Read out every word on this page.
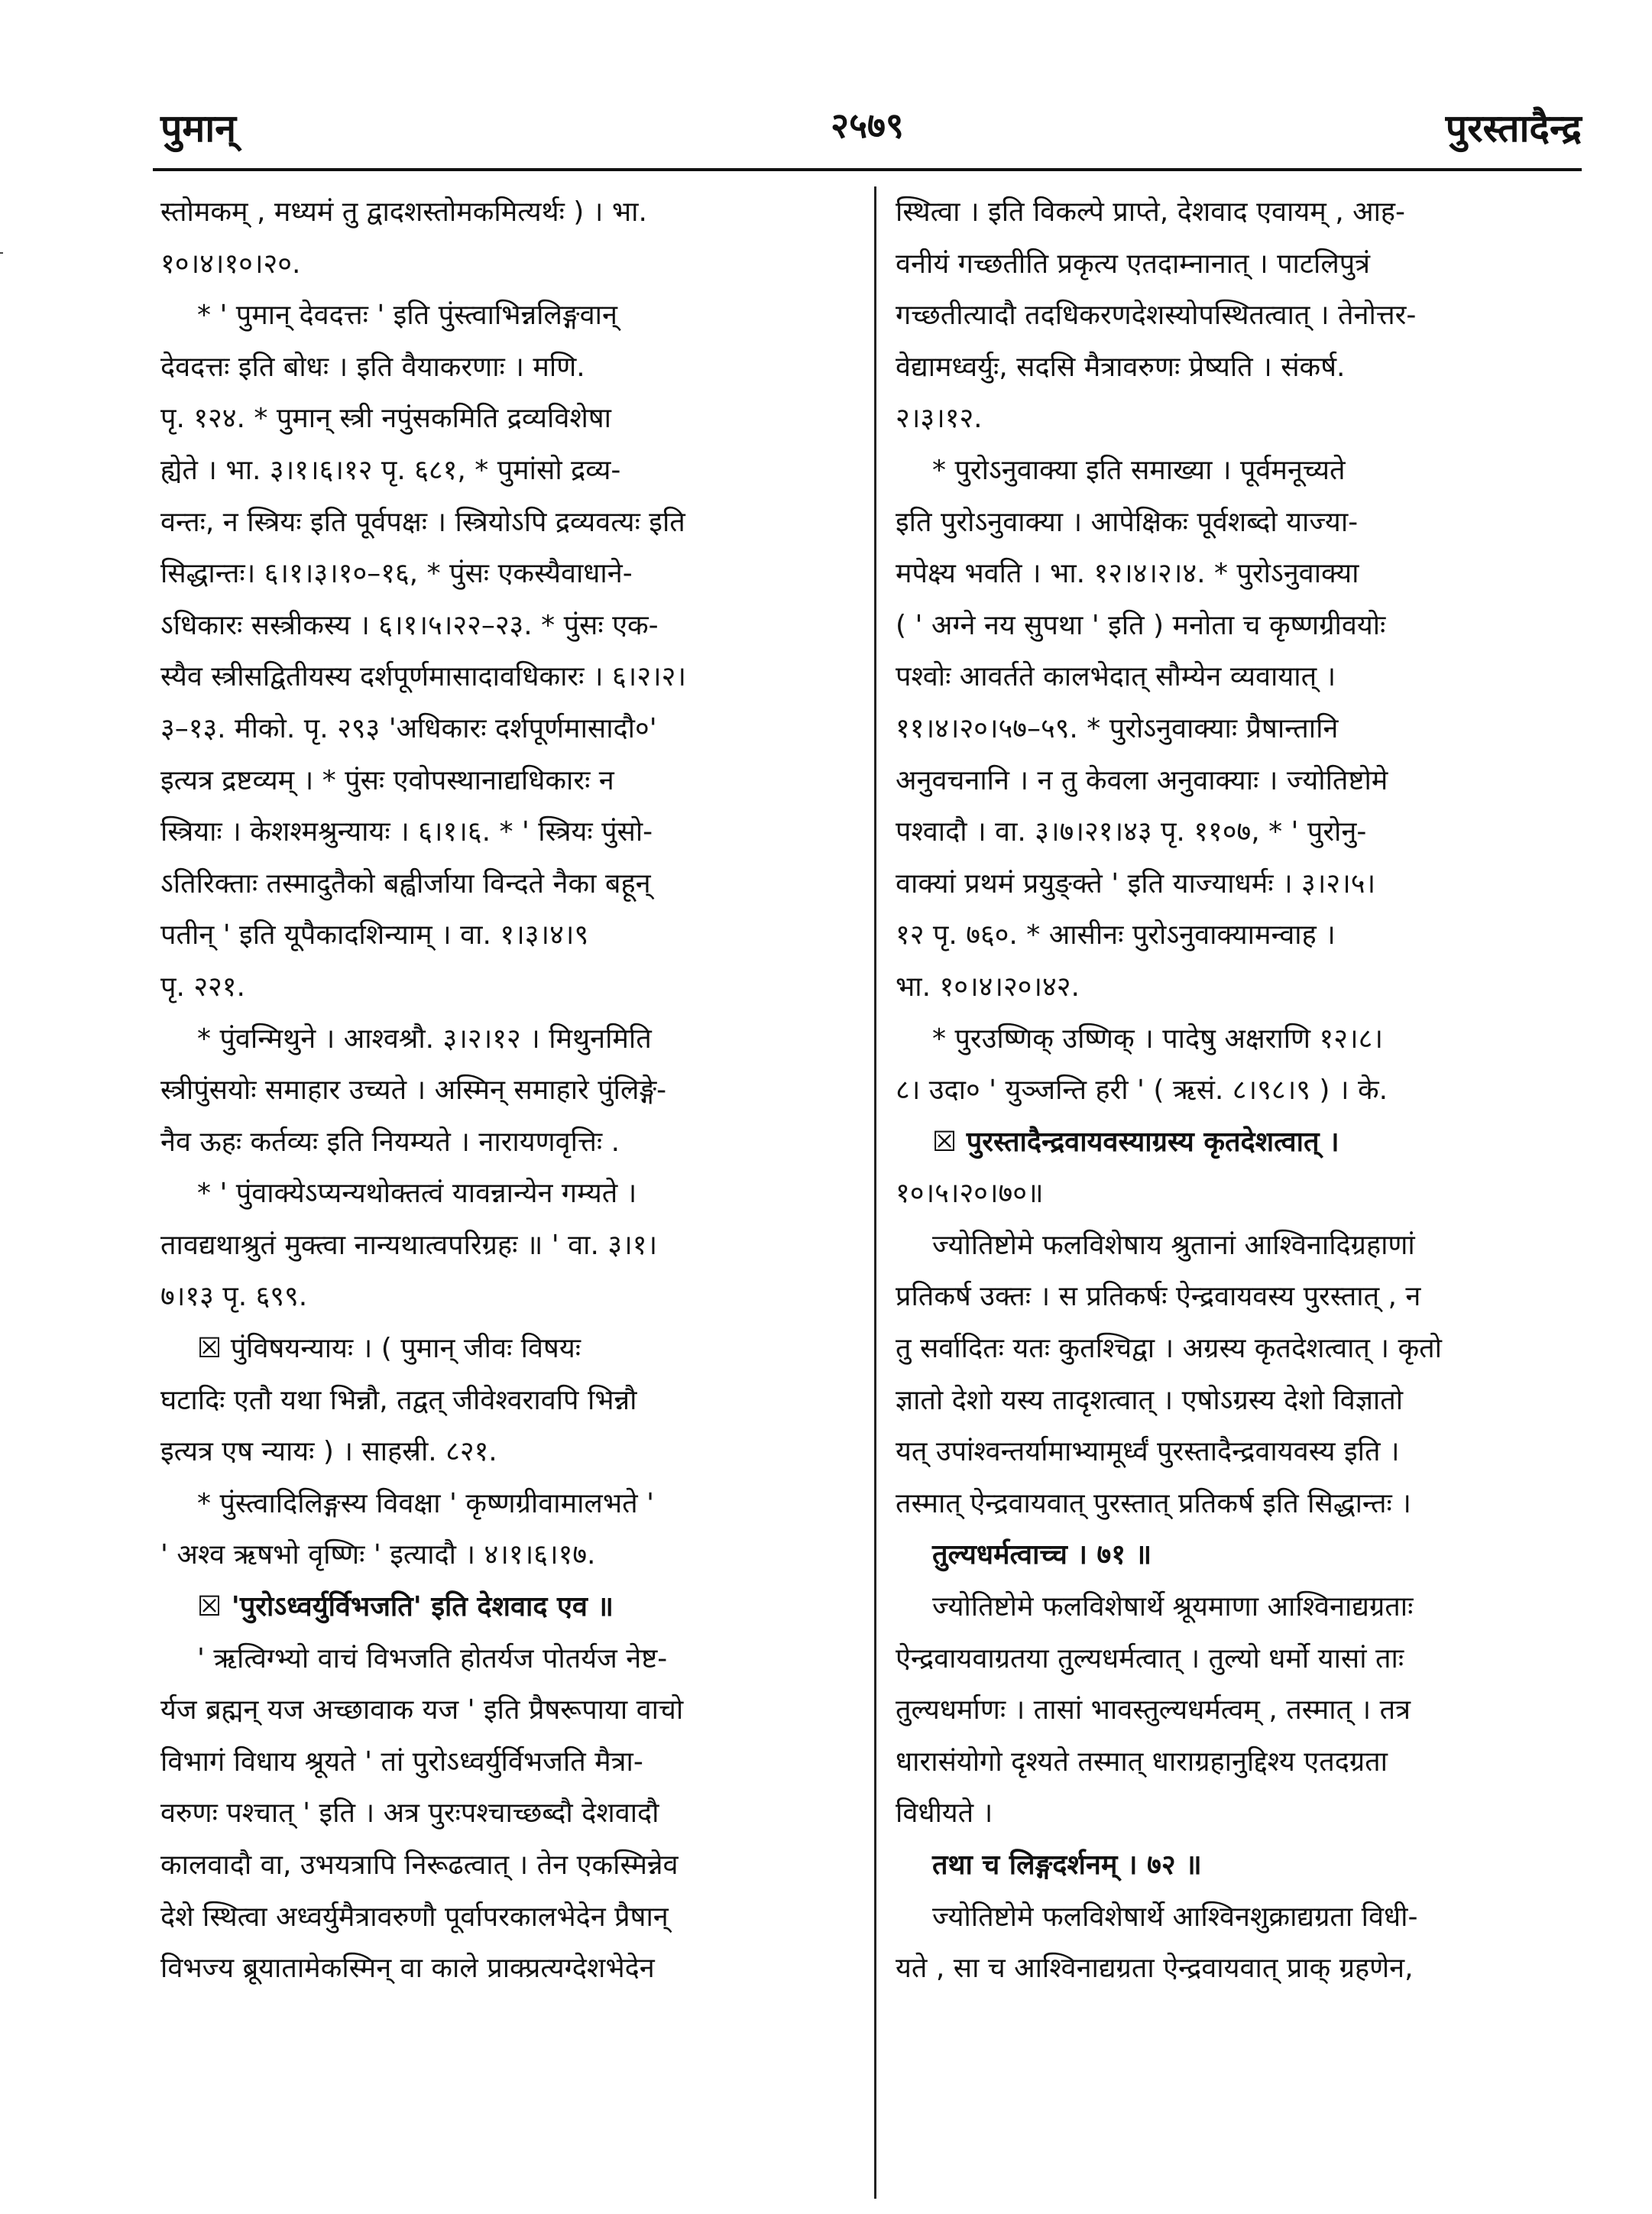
पुमान्	२५७९	पुरस्तादैन्द्र
स्तोमकम् , मध्यमं तु द्वादशस्तोमकमित्यर्थः ) । भा.
१०।४।१०।२०.
* ' पुमान् देवदत्तः ' इति पुंस्त्वाभिन्नलिङ्गवान्
देवदत्तः इति बोधः । इति वैयाकरणाः । मणि.
पृ. १२४. * पुमान् स्त्री नपुंसकमिति द्रव्यविशेषा
ह्येते । भा. ३।१।६।१२ पृ. ६८१, * पुमांसो द्रव्य-
वन्तः, न स्त्रियः इति पूर्वपक्षः । स्त्रियोऽपि द्रव्यवत्यः इति
सिद्धान्तः। ६।१।३।१०–१६, * पुंसः एकस्यैवाधाने-
ऽधिकारः सस्त्रीकस्य । ६।१।५।२२–२३. * पुंसः एक-
स्यैव स्त्रीसद्वितीयस्य दर्शपूर्णमासादावधिकारः । ६।२।२।
३–१३. मीको. पृ. २९३ 'अधिकारः दर्शपूर्णमासादौ०'
इत्यत्र द्रष्टव्यम् । * पुंसः एवोपस्थानाद्यधिकारः न
स्त्रियाः । केशश्मश्रुन्यायः । ६।१।६. * ' स्त्रियः पुंसो-
ऽतिरिक्ताः तस्मादुतैको बह्वीर्जाया विन्दते नैका बहून्
पतीन् ' इति यूपैकादशिन्याम् । वा. १।३।४।९
पृ. २२१.
* पुंवन्मिथुने । आश्वश्रौ. ३।२।१२ । मिथुनमिति
स्त्रीपुंसयोः समाहार उच्यते । अस्मिन् समाहारे पुंलिङ्गे-
नैव ऊहः कर्तव्यः इति नियम्यते । नारायणवृत्तिः .
* ' पुंवाक्येऽप्यन्यथोक्तत्वं यावन्नान्येन गम्यते ।
तावद्यथाश्रुतं मुक्त्वा नान्यथात्वपरिग्रहः ॥ ' वा. ३।१।
७।१३ पृ. ६९९.
☒ पुंविषयन्यायः । ( पुमान् जीवः विषयः
घटादिः एतौ यथा भिन्नौ, तद्वत् जीवेश्वरावपि भिन्नौ
इत्यत्र एष न्यायः ) । साहस्री. ८२१.
* पुंस्त्वादिलिङ्गस्य विवक्षा ' कृष्णग्रीवामालभते '
' अश्व ऋषभो वृष्णिः ' इत्यादौ । ४।१।६।१७.
☒ 'पुरोऽध्वर्युर्विभजति' इति देशवाद एव ॥
' ऋत्विग्भ्यो वाचं विभजति होतर्यज पोतर्यज नेष्ट-
र्यज ब्रह्मन् यज अच्छावाक यज ' इति प्रैषरूपाया वाचो
विभागं विधाय श्रूयते ' तां पुरोऽध्वर्युर्विभजति मैत्रा-
वरुणः पश्चात् ' इति । अत्र पुरःपश्चाच्छब्दौ देशवादौ
कालवादौ वा, उभयत्रापि निरूढत्वात् । तेन एकस्मिन्नेव
देशे स्थित्वा अध्वर्युमैत्रावरुणौ पूर्वापरकालभेदेन प्रैषान्
विभज्य ब्रूयातामेकस्मिन् वा काले प्राक्प्रत्यग्देशभेदेन
स्थित्वा । इति विकल्पे प्राप्ते, देशवाद एवायम् , आह-
वनीयं गच्छतीति प्रकृत्य एतदाम्नानात् । पाटलिपुत्रं
गच्छतीत्यादौ तदधिकरणदेशस्योपस्थितत्वात् । तेनोत्तर-
वेद्यामध्वर्युः, सदसि मैत्रावरुणः प्रेष्यति । संकर्ष.
२।३।१२.
* पुरोऽनुवाक्या इति समाख्या । पूर्वमनूच्यते
इति पुरोऽनुवाक्या । आपेक्षिकः पूर्वशब्दो याज्या-
मपेक्ष्य भवति । भा. १२।४।२।४. * पुरोऽनुवाक्या
( ' अग्ने नय सुपथा ' इति ) मनोता च कृष्णग्रीवयोः
पश्वोः आवर्तते कालभेदात् सौम्येन व्यवायात् ।
११।४।२०।५७–५९. * पुरोऽनुवाक्याः प्रैषान्तानि
अनुवचनानि । न तु केवला अनुवाक्याः । ज्योतिष्टोमे
पश्वादौ । वा. ३।७।२१।४३ पृ. ११०७, * ' पुरोनु-
वाक्यां प्रथमं प्रयुङ्क्ते ' इति याज्याधर्मः । ३।२।५।
१२ पृ. ७६०. * आसीनः पुरोऽनुवाक्यामन्वाह ।
भा. १०।४।२०।४२.
* पुरउष्णिक् उष्णिक् । पादेषु अक्षराणि १२।८।
८। उदा० ' युञ्जन्ति हरी ' ( ऋसं. ८।९८।९ ) । के.
☒ पुरस्तादैन्द्रवायवस्याग्रस्य कृतदेशत्वात् ।
१०।५।२०।७०॥
ज्योतिष्टोमे फलविशेषाय श्रुतानां आश्विनादिग्रहाणां
प्रतिकर्ष उक्तः । स प्रतिकर्षः ऐन्द्रवायवस्य पुरस्तात् , न
तु सर्वादितः यतः कुतश्चिद्वा । अग्रस्य कृतदेशत्वात् । कृतो
ज्ञातो देशो यस्य तादृशत्वात् । एषोऽग्रस्य देशो विज्ञातो
यत् उपांश्वन्तर्यामाभ्यामूर्ध्वं पुरस्तादैन्द्रवायवस्य इति ।
तस्मात् ऐन्द्रवायवात् पुरस्तात् प्रतिकर्ष इति सिद्धान्तः ।
तुल्यधर्मत्वाच्च । ७१ ॥
ज्योतिष्टोमे फलविशेषार्थे श्रूयमाणा आश्विनाद्यग्रताः
ऐन्द्रवायवाग्रतया तुल्यधर्मत्वात् । तुल्यो धर्मो यासां ताः
तुल्यधर्माणः । तासां भावस्तुल्यधर्मत्वम् , तस्मात् । तत्र
धारासंयोगो दृश्यते तस्मात् धाराग्रहानुद्दिश्य एतदग्रता
विधीयते ।
तथा च लिङ्गदर्शनम् । ७२ ॥
ज्योतिष्टोमे फलविशेषार्थे आश्विनशुक्राद्यग्रता विधी-
यते , सा च आश्विनाद्यग्रता ऐन्द्रवायवात् प्राक् ग्रहणेन,
